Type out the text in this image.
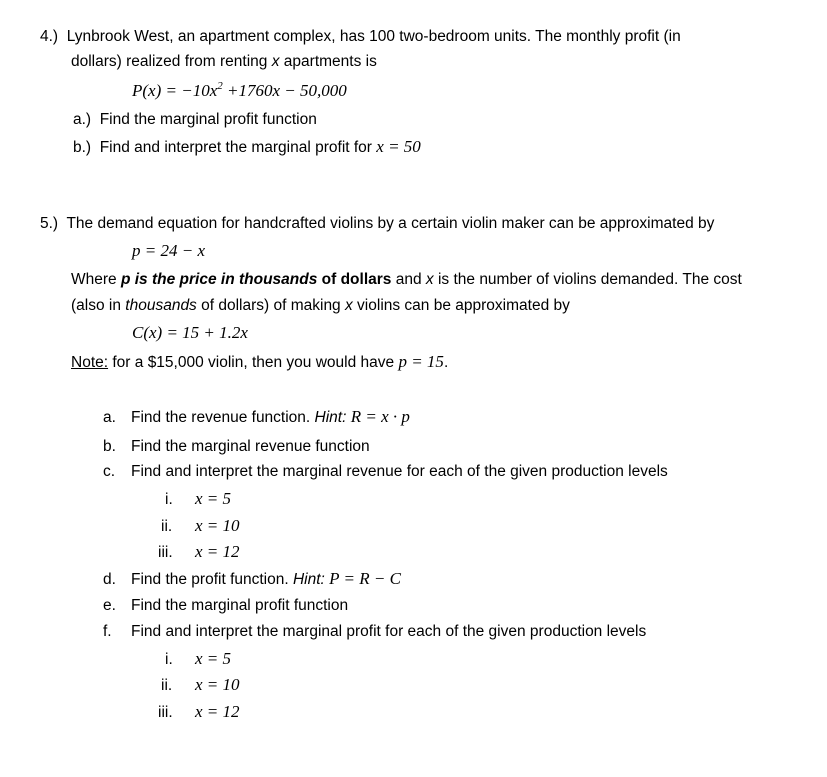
4.) Lynbrook West, an apartment complex, has 100 two-bedroom units. The monthly profit (in
dollars) realized from renting x apartments is
$P(x) = -10x^2 +1760x - 50,000$
a.) Find the marginal profit function
b.) Find and interpret the marginal profit for x = 50
5.) The demand equation for handcrafted violins by a certain violin maker can be approximated by
p = 24 − x
Where p is the price in thousands of dollars and x is the number of violins demanded. The cost
(also in thousands of dollars) of making x violins can be approximated by
C(x) = 15 + 1.2x
Note: for a $15,000 violin, then you would have p = 15.
a. Find the revenue function. Hint: R = x · p
b. Find the marginal revenue function
c. Find and interpret the marginal revenue for each of the given production levels
i. x = 5
ii. x = 10
iii. x = 12
d. Find the profit function. Hint: P = R − C
e. Find the marginal profit function
f. Find and interpret the marginal profit for each of the given production levels
i. x = 5
ii. x = 10
iii. x = 12
